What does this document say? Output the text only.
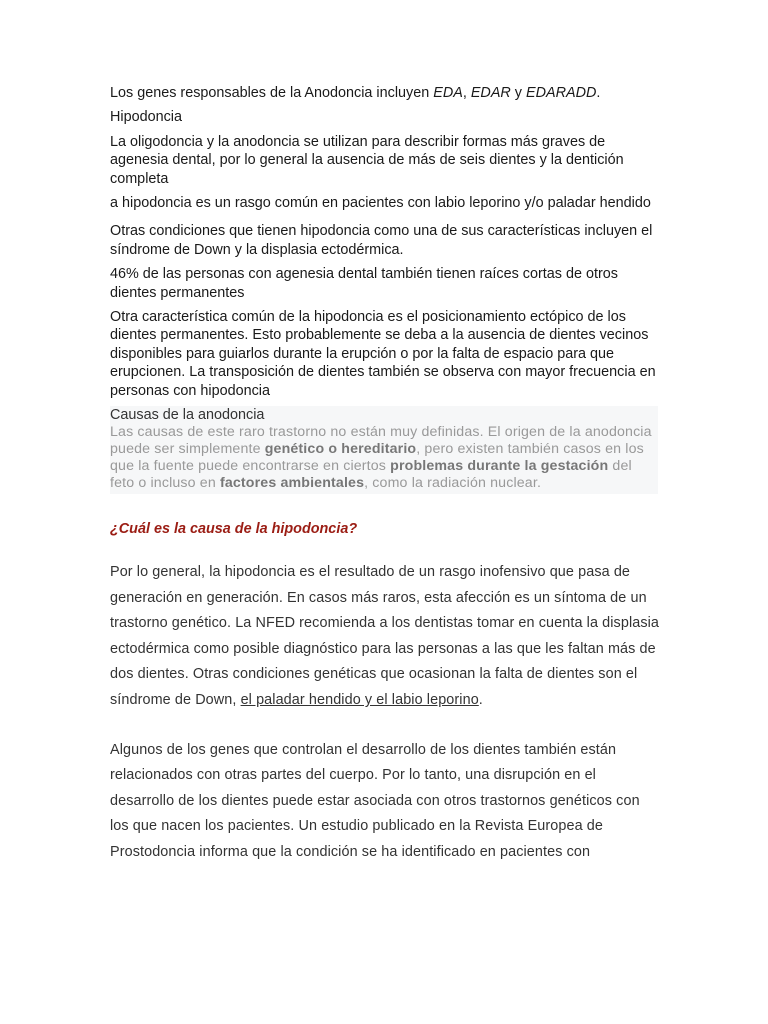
Los genes responsables de la Anodoncia incluyen EDA, EDAR y EDARADD.

Hipodoncia

La oligodoncia y la anodoncia se utilizan para describir formas más graves de agenesia dental, por lo general la ausencia de más de seis dientes y la dentición completa

a hipodoncia es un rasgo común en pacientes con labio leporino y/o paladar hendido

Otras condiciones que tienen hipodoncia como una de sus características incluyen el síndrome de Down y la displasia ectodérmica.

46% de las personas con agenesia dental también tienen raíces cortas de otros dientes permanentes

Otra característica común de la hipodoncia es el posicionamiento ectópico de los dientes permanentes. Esto probablemente se deba a la ausencia de dientes vecinos disponibles para guiarlos durante la erupción o por la falta de espacio para que erupcionen. La transposición de dientes también se observa con mayor frecuencia en personas con hipodoncia

Causas de la anodoncia
Las causas de este raro trastorno no están muy definidas. El origen de la anodoncia puede ser simplemente genético o hereditario, pero existen también casos en los que la fuente puede encontrarse en ciertos problemas durante la gestación del feto o incluso en factores ambientales, como la radiación nuclear.
¿Cuál es la causa de la hipodoncia?

Por lo general, la hipodoncia es el resultado de un rasgo inofensivo que pasa de generación en generación. En casos más raros, esta afección es un síntoma de un trastorno genético. La NFED recomienda a los dentistas tomar en cuenta la displasia ectodérmica como posible diagnóstico para las personas a las que les faltan más de dos dientes. Otras condiciones genéticas que ocasionan la falta de dientes son el síndrome de Down, el paladar hendido y el labio leporino.

Algunos de los genes que controlan el desarrollo de los dientes también están relacionados con otras partes del cuerpo. Por lo tanto, una disrupción en el desarrollo de los dientes puede estar asociada con otros trastornos genéticos con los que nacen los pacientes. Un estudio publicado en la Revista Europea de Prostodoncia informa que la condición se ha identificado en pacientes con
